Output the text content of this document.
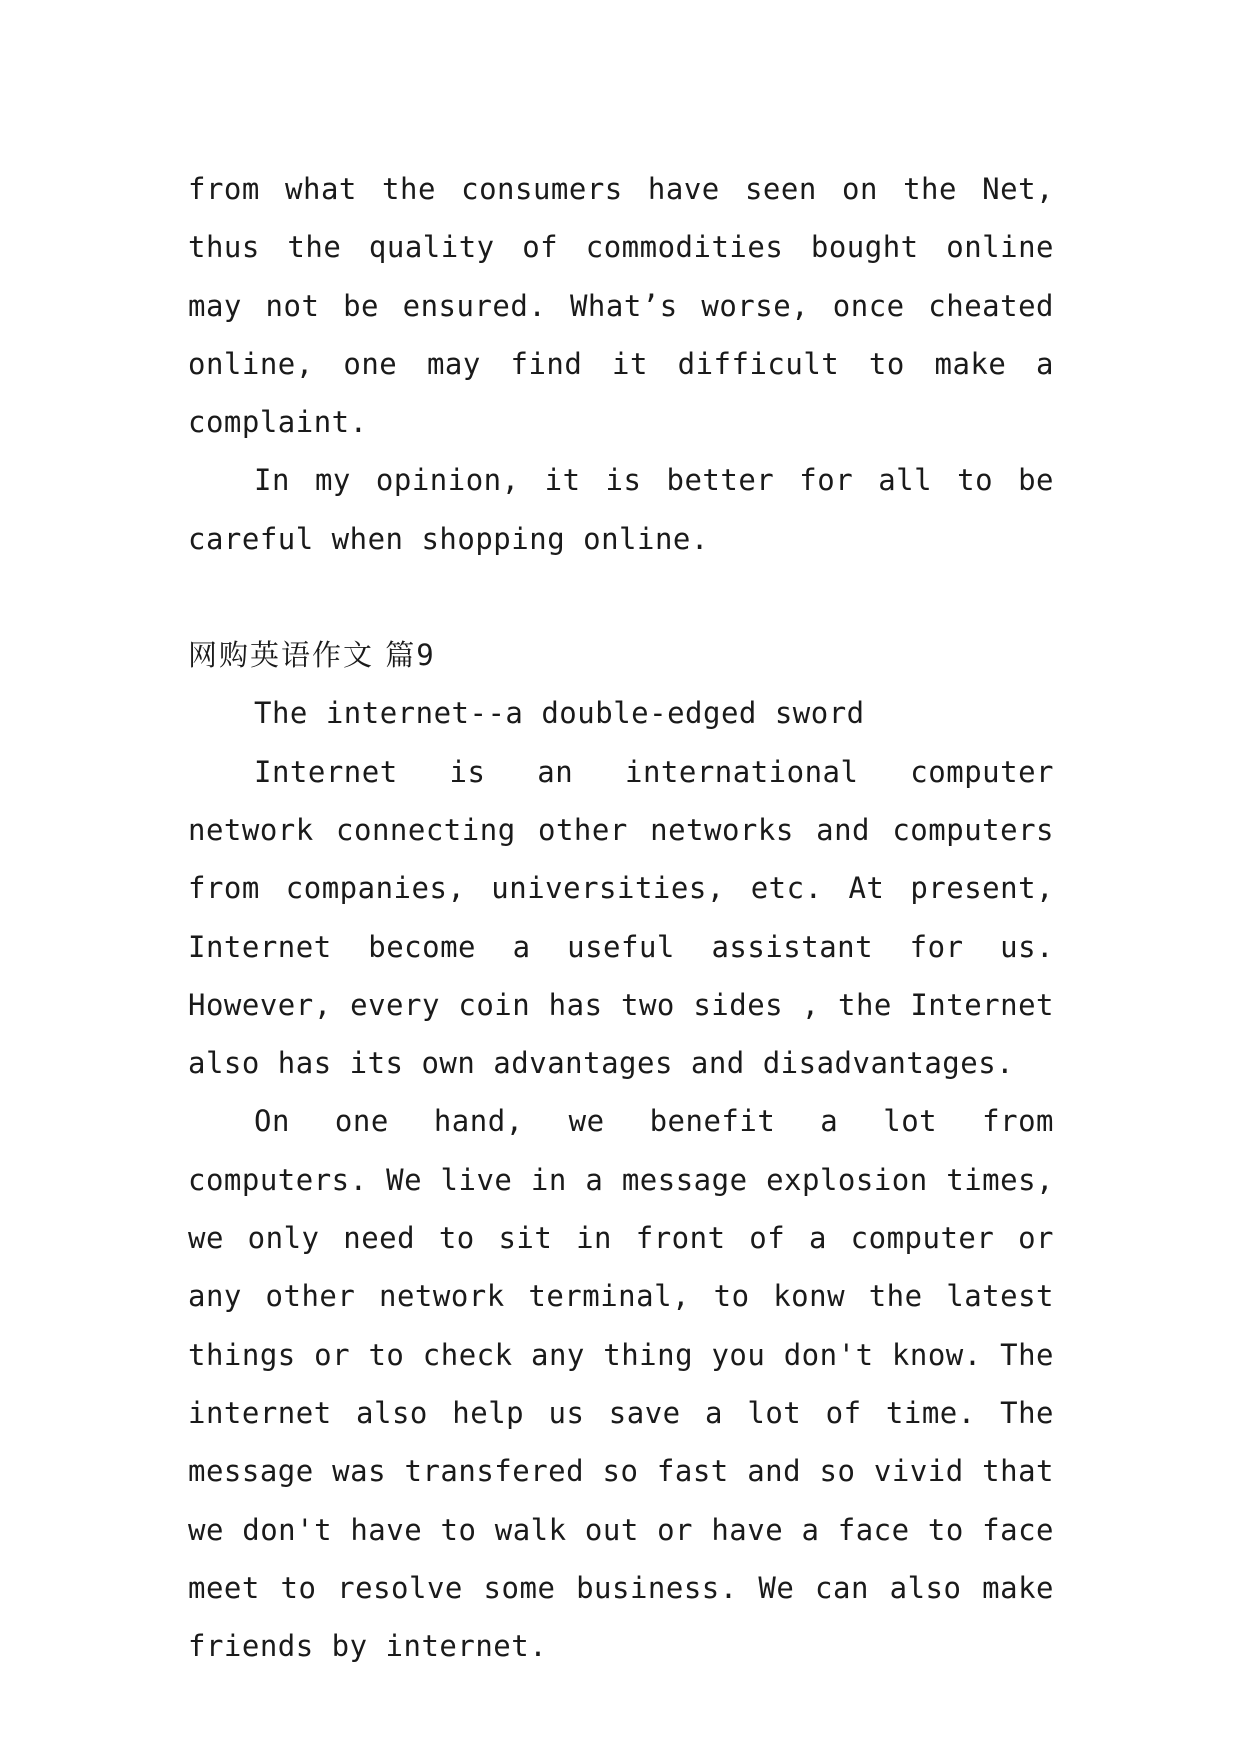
from what the consumers have seen on the Net, thus the quality of commodities bought online may not be ensured. What’s worse, once cheated online, one may find it difficult to make a complaint.

In my opinion, it is better for all to be careful when shopping online.

网购英语作文 篇9

The internet--a double-edged sword

Internet is an international computer network connecting other networks and computers from companies, universities, etc. At present, Internet become a useful assistant for us. However, every coin has two sides , the Internet also has its own advantages and disadvantages.

On one hand, we benefit a lot from computers. We live in a message explosion times, we only need to sit in front of a computer or any other network terminal, to konw the latest things or to check any thing you don't know. The internet also help us save a lot of time. The message was transfered so fast and so vivid that we don't have to walk out or have a face to face meet to resolve some business. We can also make friends by internet.
